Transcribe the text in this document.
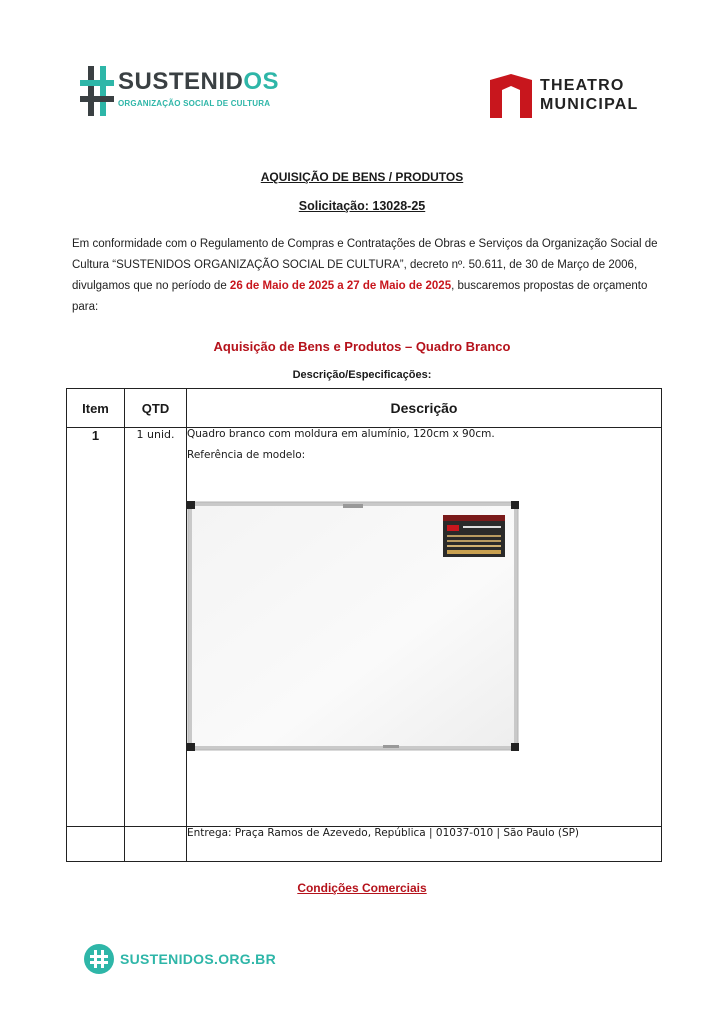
SUSTENIDOS
ORGANIZAÇÃO SOCIAL DE CULTURA
THEATRO
MUNICIPAL
AQUISIÇÃO DE BENS / PRODUTOS
Solicitação: 13028-25
Em conformidade com o Regulamento de Compras e Contratações de Obras e Serviços da Organização Social de Cultura “SUSTENIDOS ORGANIZAÇÃO SOCIAL DE CULTURA”, decreto nº. 50.611, de 30 de Março de 2006, divulgamos que no período de 26 de Maio de 2025 a 27 de Maio de 2025, buscaremos propostas de orçamento para:
Aquisição de Bens e Produtos – Quadro Branco
Descrição/Especificações:
Item	QTD	Descrição
1	1 unid.	Quadro branco com moldura em alumínio, 120cm x 90cm.
Referência de modelo:

		Entrega: Praça Ramos de Azevedo, República | 01037-010 | São Paulo (SP)
Condições Comerciais
SUSTENIDOS.ORG.BR
